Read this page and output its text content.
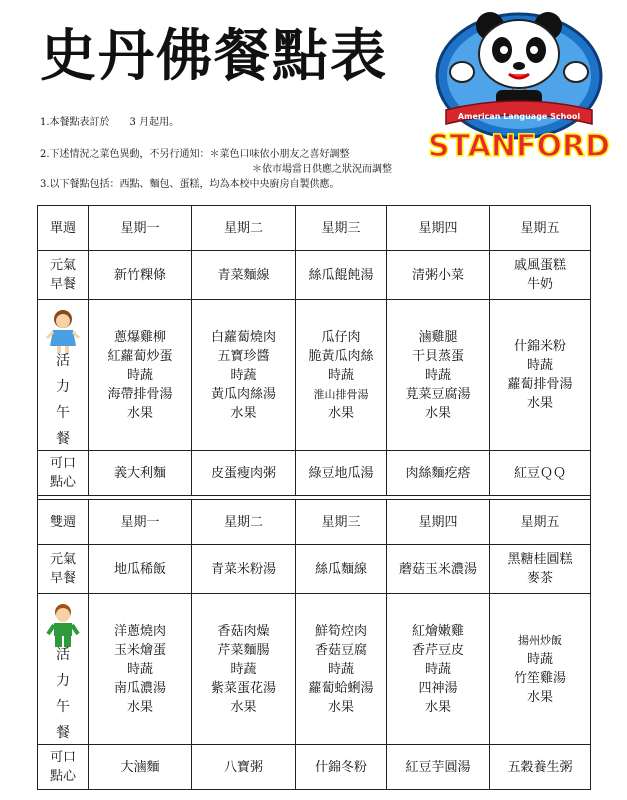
史丹佛餐點表
American Language School
STANFORD
1.本餐點表訂於　　3 月起用。
2.下述情況之菜色異動，不另行通知：＊菜色口味依小朋友之喜好調整
＊依市場當日供應之狀況而調整
3.以下餐點包括：西點、麵包、蛋糕，均為本校中央廚房自製供應。
單週	星期一	星期二	星期三	星期四	星期五

元氣
早餐	新竹粿條	青菜麵線	絲瓜餛飩湯	清粥小菜	戚風蛋糕
牛奶

活
力
午
餐	蔥爆雞柳
紅蘿蔔炒蛋
時蔬
海帶排骨湯
水果	白蘿蔔燒肉
五寶珍醬
時蔬
黃瓜肉絲湯
水果	瓜仔肉
脆黃瓜肉絲
時蔬
淮山排骨湯
水果	滷雞腿
干貝蒸蛋
時蔬
莧菜豆腐湯
水果	什錦米粉
時蔬
蘿蔔排骨湯
水果

可口
點心	義大利麵	皮蛋瘦肉粥	綠豆地瓜湯	肉絲麵疙瘩	紅豆ＱＱ

雙週	星期一	星期二	星期三	星期四	星期五

元氣
早餐	地瓜稀飯	青菜米粉湯	絲瓜麵線	蘑菇玉米濃湯	黑糖桂圓糕
麥茶

活
力
午
餐	洋蔥燒肉
玉米燴蛋
時蔬
南瓜濃湯
水果	香菇肉燥
芹菜麵腸
時蔬
紫菜蛋花湯
水果	鮮筍焢肉
香菇豆腐
時蔬
蘿蔔蛤蜊湯
水果	紅燴嫩雞
香芹豆皮
時蔬
四神湯
水果	揚州炒飯
時蔬
竹笙雞湯
水果

可口
點心	大滷麵	八寶粥	什錦冬粉	紅豆芋圓湯	五穀養生粥
